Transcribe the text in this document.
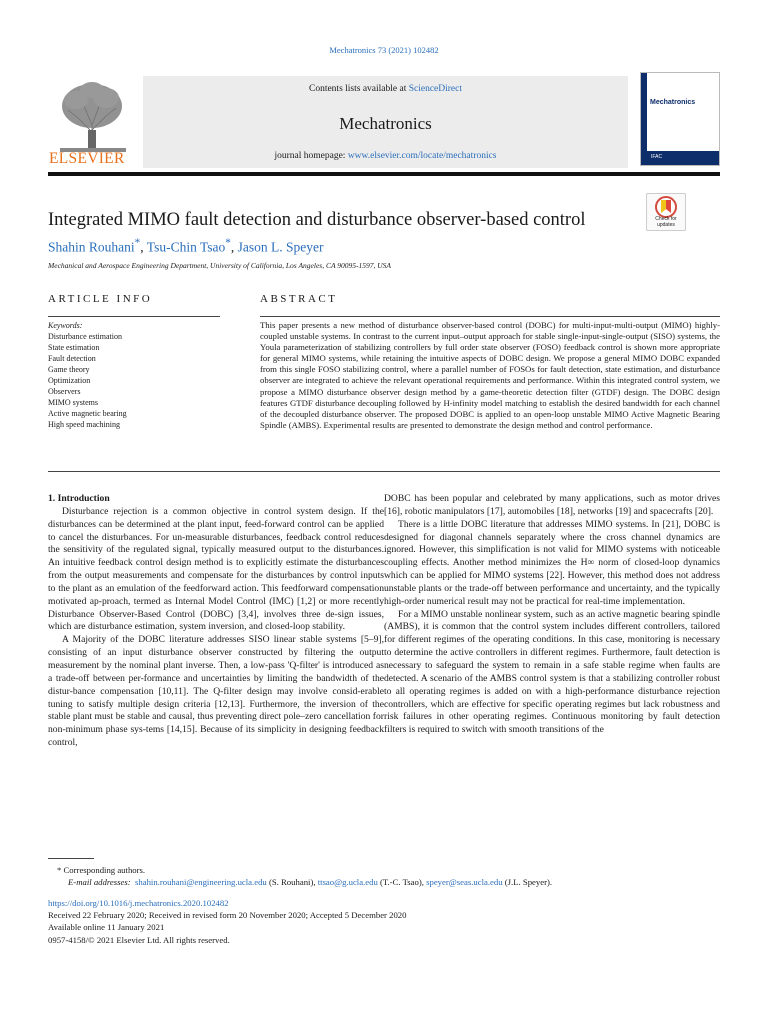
Mechatronics 73 (2021) 102482
ELSEVIER
Contents lists available at ScienceDirect
Mechatronics
journal homepage: www.elsevier.com/locate/mechatronics
Mechatronics
IFAC
Integrated MIMO fault detection and disturbance observer-based control	Check for updates
Shahin Rouhani*, Tsu-Chin Tsao*, Jason L. Speyer
Mechanical and Aerospace Engineering Department, University of California, Los Angeles, CA 90095-1597, USA
ARTICLE INFO	ABSTRACT
Keywords:
Disturbance estimation
State estimation
Fault detection
Game theory
Optimization
Observers
MIMO systems
Active magnetic bearing
High speed machining
This paper presents a new method of disturbance observer-based control (DOBC) for multi-input-multi-output (MIMO) highly-coupled unstable systems. In contrast to the current input–output approach for stable single-input-single-output (SISO) systems, the Youla parameterization of stabilizing controllers by full order state observer (FOSO) feedback control is shown more appropriate for general MIMO systems, while retaining the intuitive aspects of DOBC design. We propose a general MIMO DOBC expanded from this single FOSO stabilizing control, where a parallel number of FOSOs for fault detection, state estimation, and disturbance observer are integrated to achieve the relevant operational requirements and performance. Within this integrated control system, we propose a MIMO disturbance observer design method by a game-theoretic detection filter (GTDF) design. The DOBC design features GTDF disturbance decoupling followed by H-infinity model matching to establish the desired bandwidth for each channel of the decoupled disturbance observer. The proposed DOBC is applied to an open-loop unstable MIMO Active Magnetic Bearing Spindle (AMBS). Experimental results are presented to demonstrate the design method and control performance.

1. Introduction

Disturbance rejection is a common objective in control system design. If the disturbances can be determined at the plant input, feed-forward control can be applied to cancel the disturbances. For un-measurable disturbances, feedback control reduces the sensitivity of the regulated signal, typically measured output to the disturbances. An intuitive feedback control design method is to explicitly estimate the disturbances from the output measurements and compensate for the disturbances by control inputs to the plant as an emulation of the feedforward action. This feedforward compensation motivated ap-proach, termed as Internal Model Control (IMC) [1,2] or more recently Disturbance Observer-Based Control (DOBC) [3,4], involves three de-sign issues, which are disturbance estimation, system inversion, and closed-loop stability.

A Majority of the DOBC literature addresses SISO linear stable systems [5–9], consisting of an input disturbance observer constructed by filtering the output measurement by the nominal plant inverse. Then, a low-pass 'Q-filter' is introduced as a trade-off between per-formance and uncertainties by limiting the bandwidth of the distur-bance compensation [10,11]. The Q-filter design may involve consid-erable tuning to satisfy multiple design criteria [12,13]. Furthermore, the inversion of the stable plant must be stable and causal, thus preventing direct pole–zero cancellation for non-minimum phase sys-tems [14,15]. Because of its simplicity in designing feedback control,

DOBC has been popular and celebrated by many applications, such as motor drives [16], robotic manipulators [17], automobiles [18], networks [19] and spacecrafts [20].

There is a little DOBC literature that addresses MIMO systems. In [21], DOBC is designed for diagonal channels separately where the cross channel dynamics are ignored. However, this simplification is not valid for MIMO systems with noticeable coupling effects. Another method minimizes the H∞ norm of closed-loop dynamics which can be applied for MIMO systems [22]. However, this method does not address unstable plants or the trade-off between performance and uncertainty, and the typically high-order numerical result may not be practical for real-time implementation.

For a MIMO unstable nonlinear system, such as an active magnetic bearing spindle (AMBS), it is common that the control system includes different controllers, tailored for different regimes of the operating conditions. In this case, monitoring is necessary to determine the active controllers in different regimes. Furthermore, fault detection is necessary to safeguard the system to remain in a safe stable regime when faults are detected. A scenario of the AMBS control system is that a stabilizing controller robust to all operating regimes is added on with a high-performance disturbance rejection controllers, which are effective for specific operating regimes but lack robustness and risk failures in other operating regimes. Continuous monitoring by fault detection filters is required to switch with smooth transitions of the

* Corresponding authors.
E-mail addresses: shahin.rouhani@engineering.ucla.edu (S. Rouhani), ttsao@g.ucla.edu (T.-C. Tsao), speyer@seas.ucla.edu (J.L. Speyer).
https://doi.org/10.1016/j.mechatronics.2020.102482
Received 22 February 2020; Received in revised form 20 November 2020; Accepted 5 December 2020
Available online 11 January 2021
0957-4158/© 2021 Elsevier Ltd. All rights reserved.
